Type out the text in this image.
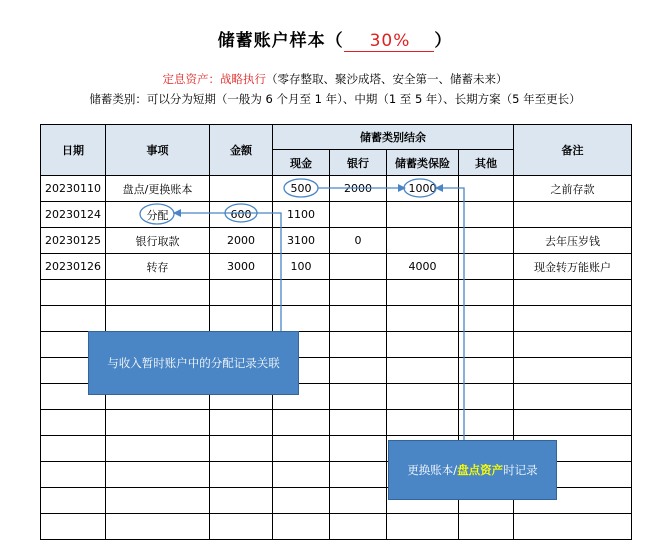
储蓄账户样本（ 30% ）
定息资产：战略执行（零存整取、聚沙成塔、安全第一、储蓄未来）
储蓄类别：可以分为短期（一般为 6 个月至 1 年）、中期（1 至 5 年）、长期方案（5 年至更长）
日期	事项	金额	储蓄类别结余				备注
			现金	银行	储蓄类保险	其他	
20230110	盘点/更换账本		500	2000	1000		之前存款
20230124	分配	600	1100				
20230125	银行取款	2000	3100	0			去年压岁钱
20230126	转存	3000	100		4000		现金转万能账户

与收入暂时账户中的分配记录关联
更换账本/ 盘点资产 时记录
